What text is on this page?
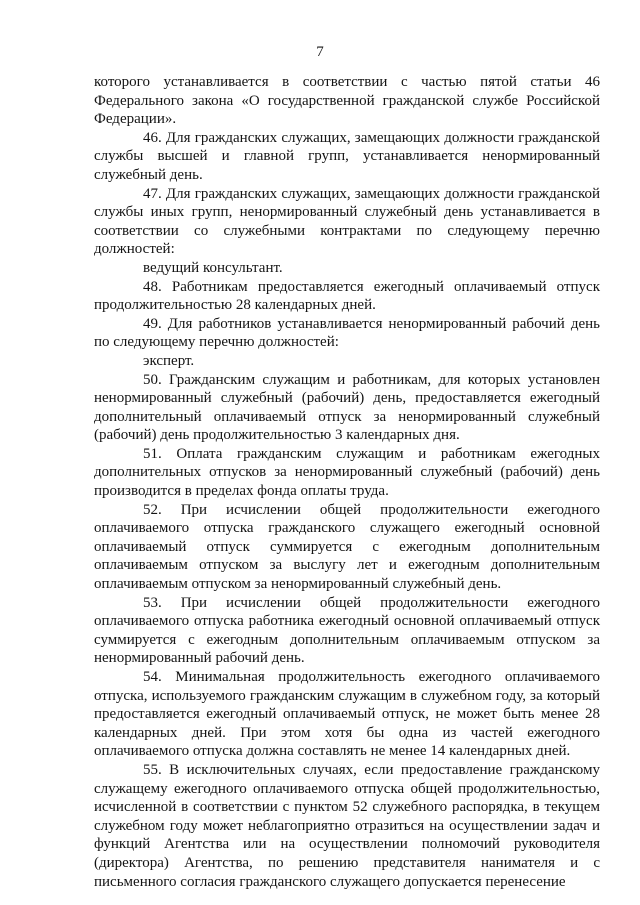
7

которого устанавливается в соответствии с частью пятой статьи 46 Федерального закона «О государственной гражданской службе Российской Федерации».

46. Для гражданских служащих, замещающих должности гражданской службы высшей и главной групп, устанавливается ненормированный служебный день.

47. Для гражданских служащих, замещающих должности гражданской службы иных групп, ненормированный служебный день устанавливается в соответствии со служебными контрактами по следующему перечню должностей:

ведущий консультант.

48. Работникам предоставляется ежегодный оплачиваемый отпуск продолжительностью 28 календарных дней.

49. Для работников устанавливается ненормированный рабочий день по следующему перечню должностей:

эксперт.

50. Гражданским служащим и работникам, для которых установлен ненормированный служебный (рабочий) день, предоставляется ежегодный дополнительный оплачиваемый отпуск за ненормированный служебный (рабочий) день продолжительностью 3 календарных дня.

51. Оплата гражданским служащим и работникам ежегодных дополнительных отпусков за ненормированный служебный (рабочий) день производится в пределах фонда оплаты труда.

52. При исчислении общей продолжительности ежегодного оплачиваемого отпуска гражданского служащего ежегодный основной оплачиваемый отпуск суммируется с ежегодным дополнительным оплачиваемым отпуском за выслугу лет и ежегодным дополнительным оплачиваемым отпуском за ненормированный служебный день.

53. При исчислении общей продолжительности ежегодного оплачиваемого отпуска работника ежегодный основной оплачиваемый отпуск суммируется с ежегодным дополнительным оплачиваемым отпуском за ненормированный рабочий день.

54. Минимальная продолжительность ежегодного оплачиваемого отпуска, используемого гражданским служащим в служебном году, за который предоставляется ежегодный оплачиваемый отпуск, не может быть менее 28 календарных дней. При этом хотя бы одна из частей ежегодного оплачиваемого отпуска должна составлять не менее 14 календарных дней.

55. В исключительных случаях, если предоставление гражданскому служащему ежегодного оплачиваемого отпуска общей продолжительностью, исчисленной в соответствии с пунктом 52 служебного распорядка, в текущем служебном году может неблагоприятно отразиться на осуществлении задач и функций Агентства или на осуществлении полномочий руководителя (директора) Агентства, по решению представителя нанимателя и с письменного согласия гражданского служащего допускается перенесение
